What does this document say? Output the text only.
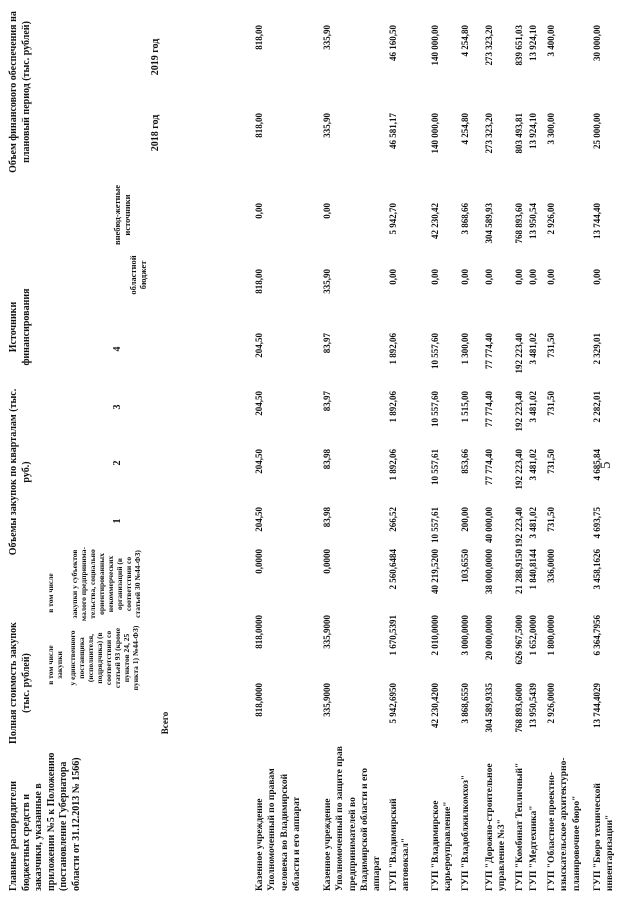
5
Главные распорядители бюджетных средств и заказчики, указанные в приложении №5 к Положению (постановление Губернатора области от 31.12.2013 № 1566)
Полная стоимость закупок (тыс. рублей)
Всего
в том числе закупки
в том числе
у единственного поставщика (исполнителя, подрядчика) (в соответствии со статьей 93 (кроме пунктов 24, 25 пункта 1) №44-ФЗ)
закупки у субъектов малого предпринима-тельства, социально ориентированных некоммерческих организаций (в соответствии со статьей 30 №44-ФЗ)
Объемы закупок по кварталам (тыс. руб.)
Источники финансирования
1
2
3
4
областной бюджет
внебюд-жетные источники
Объем финансового обеспечения на плановый период (тыс. рублей)	2018 год
2019 год
Казенное учреждение Уполномоченный по правам человека во Владимирской области и его аппарат
818,0000
818,0000
0,0000
204,50
204,50
204,50
204,50
818,00
0,00
818,00
818,00
Казенное учреждение Уполномоченный по защите прав предпринимателей во Владимирской области и его аппарат
335,9000
335,9000
0,0000
83,98
83,98
83,97
83,97
335,90
0,00
335,90
335,90
ГУП "Владимирский автовокзал"
5 942,6950
1 670,5391
2 560,6484
266,52
1 892,06
1 892,06
1 892,06
0,00
5 942,70
46 581,17
46 160,50
ГУП "Владимирское карьероуправление"
42 230,4200
2 010,0000
40 219,5200
10 557,61
10 557,61
10 557,60
10 557,60
0,00
42 230,42
140 000,00
140 000,00
ГУП "Владоблжилкомхоз"
3 868,6550
3 000,0000
103,6550
200,00
853,66
1 515,00
1 300,00
0,00
3 868,66
4 254,80
4 254,80
ГУП "Дорожно-строительное управление №3"
304 589,9335
20 000,0000
38 000,0000
40 000,00
77 774,40
77 774,40
77 774,40
0,00
304 589,93
273 323,20
273 323,20
ГУП "Комбинат Тепличный"
768 893,6000
626 967,5000
21 288,9150
192 223,40
192 223,40
192 223,40
192 223,40
0,00
768 893,60
803 493,81
839 651,03
ГУП "Медтехника"
13 950,5439
1 652,0000
1 840,8144
3 481,02
3 481,02
3 481,02
3 481,02
0,00
13 950,54
13 924,10
13 924,10
ГУП "Областное проектно-изыскательское архитектурно-планировочное бюро"
2 926,0000
1 800,0000
336,0000
731,50
731,50
731,50
731,50
0,00
2 926,00
3 300,00
3 400,00
ГУП "Бюро технической инвентаризации"
13 744,4029
6 364,7956
3 458,1626
4 693,75
4 685,84
2 282,01
2 329,01
0,00
13 744,40
25 000,00
30 000,00
